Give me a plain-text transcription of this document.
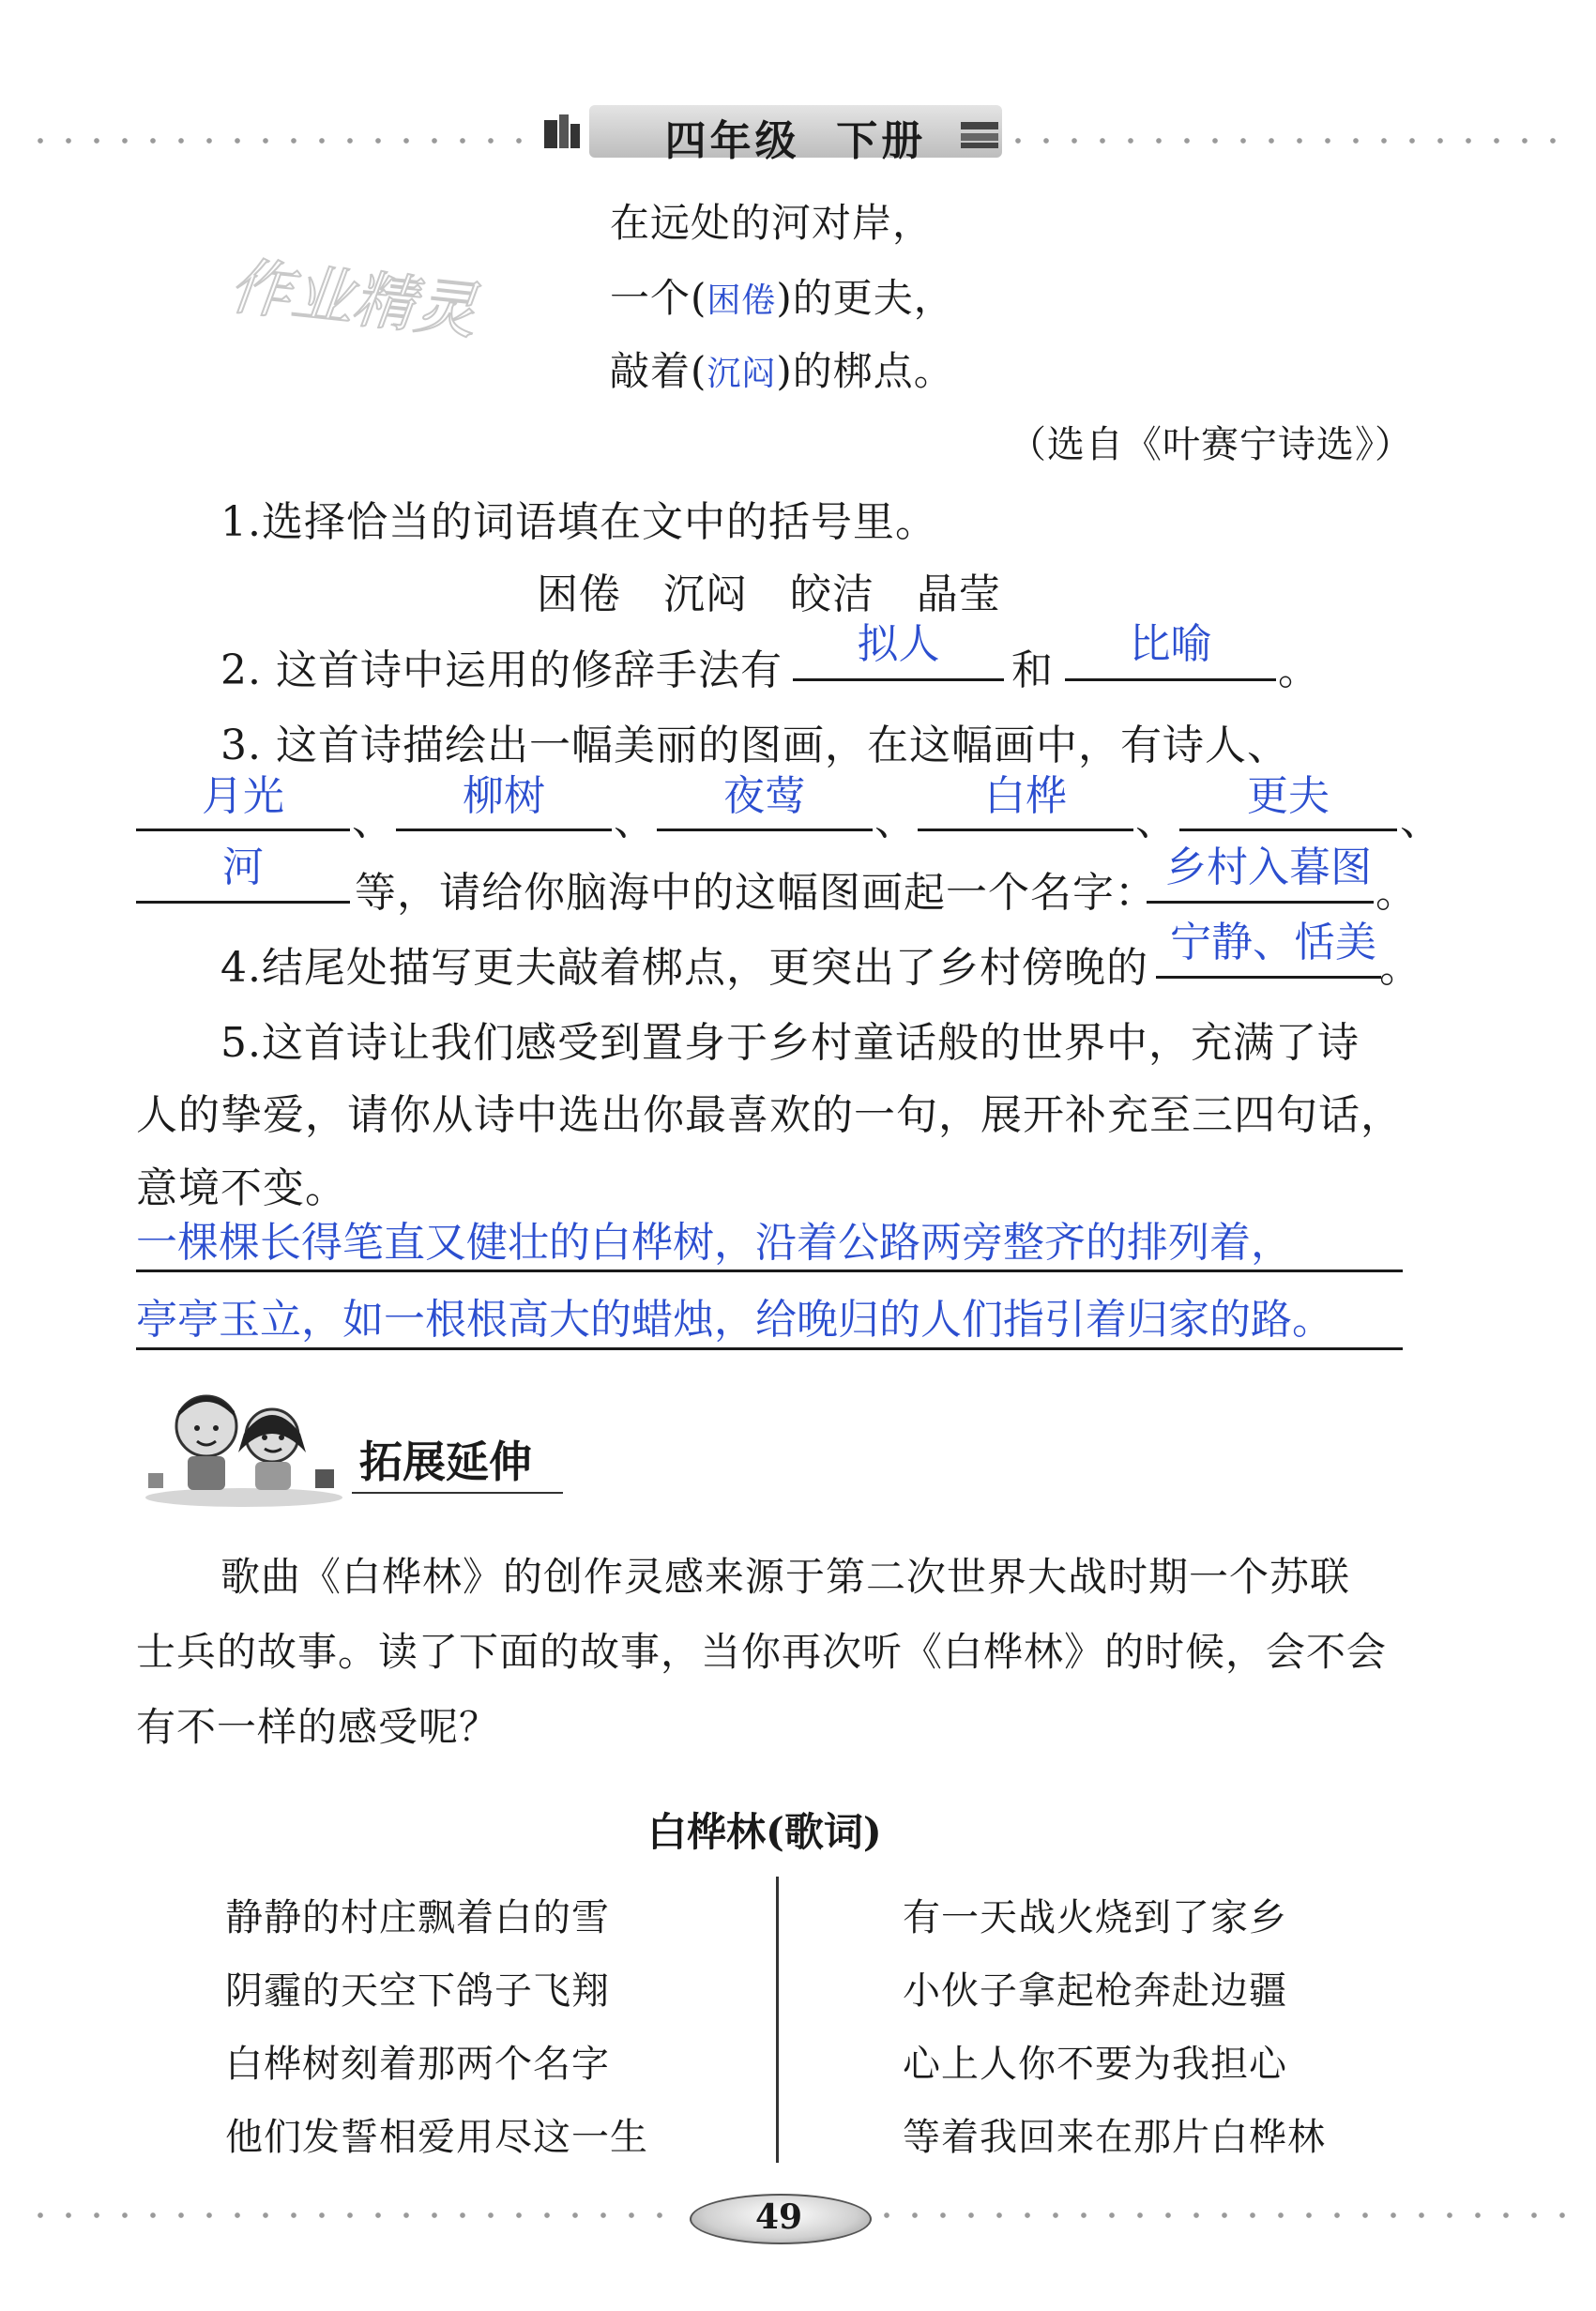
四年级  下册
作业精灵
在远处的河对岸，
一个(困倦)的更夫，
敲着(沉闷)的梆点。
（选自《叶赛宁诗选》）
1.选择恰当的词语填在文中的括号里。
困倦   沉闷   皎洁   晶莹
2. 这首诗中运用的修辞手法有
拟人
和
比喻
。
3. 这首诗描绘出一幅美丽的图画，在这幅画中，有诗人、
月光
、
柳树
、
夜莺
、
白桦
、
更夫
、
河
等，请给你脑海中的这幅图画起一个名字：
乡村入暮图
。
4.结尾处描写更夫敲着梆点，更突出了乡村傍晚的
宁静、恬美
。
5.这首诗让我们感受到置身于乡村童话般的世界中，充满了诗
人的挚爱，请你从诗中选出你最喜欢的一句，展开补充至三四句话，
意境不变。
一棵棵长得笔直又健壮的白桦树，沿着公路两旁整齐的排列着，
亭亭玉立，如一根根高大的蜡烛，给晚归的人们指引着归家的路。
拓展延伸
歌曲《白桦林》的创作灵感来源于第二次世界大战时期一个苏联
士兵的故事。读了下面的故事，当你再次听《白桦林》的时候，会不会
有不一样的感受呢？
白桦林(歌词)
静静的村庄飘着白的雪
阴霾的天空下鸽子飞翔
白桦树刻着那两个名字
他们发誓相爱用尽这一生
有一天战火烧到了家乡
小伙子拿起枪奔赴边疆
心上人你不要为我担心
等着我回来在那片白桦林
49
